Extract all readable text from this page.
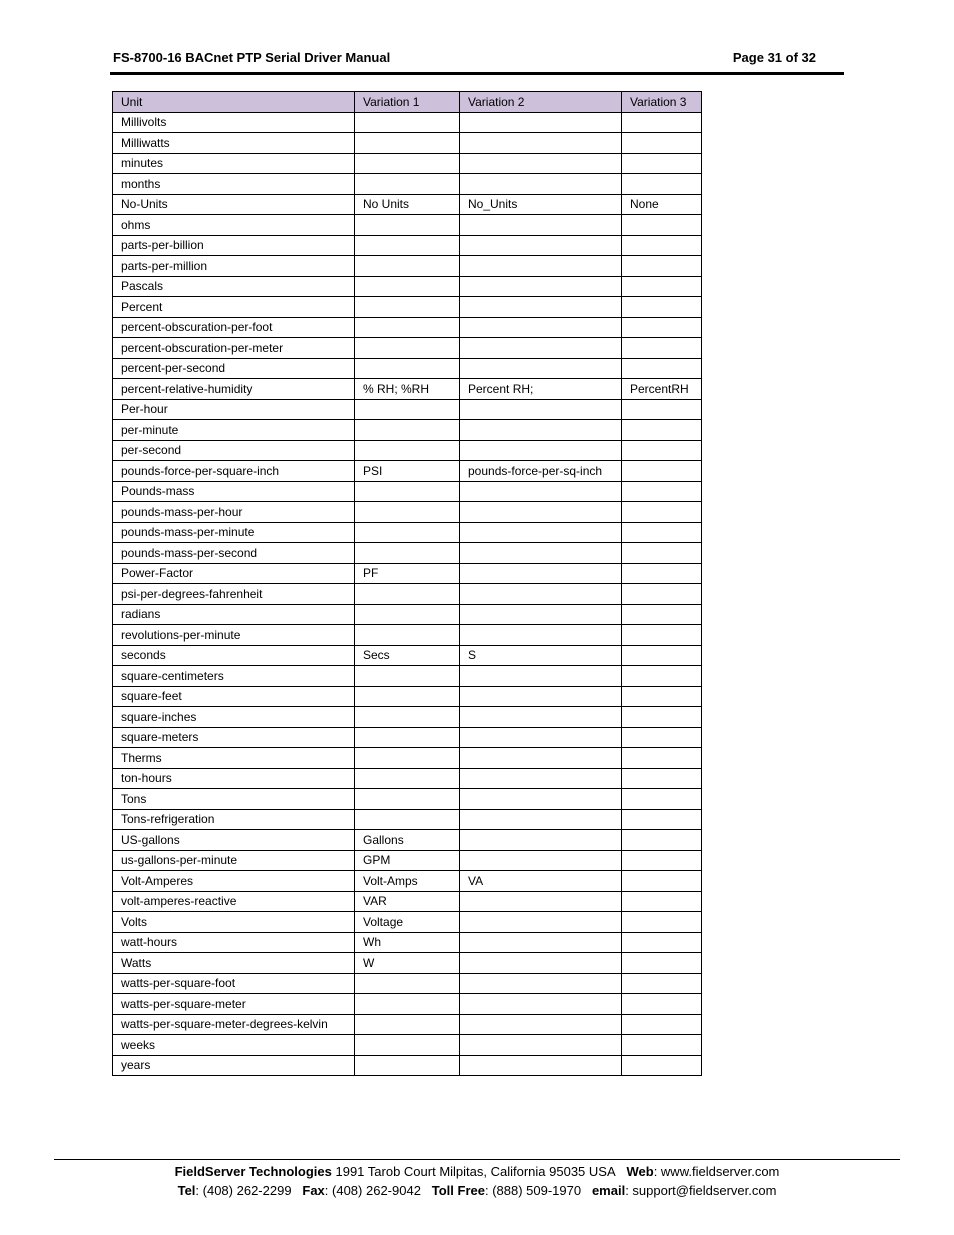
FS-8700-16 BACnet PTP Serial Driver Manual	Page 31 of 32
Unit	Variation 1	Variation 2	Variation 3
Millivolts			
Milliwatts			
minutes			
months			
No-Units	No Units	No_Units	None
ohms			
parts-per-billion			
parts-per-million			
Pascals			
Percent			
percent-obscuration-per-foot			
percent-obscuration-per-meter			
percent-per-second			
percent-relative-humidity	% RH; %RH	Percent RH;	PercentRH
Per-hour			
per-minute			
per-second			
pounds-force-per-square-inch	PSI	pounds-force-per-sq-inch	
Pounds-mass			
pounds-mass-per-hour			
pounds-mass-per-minute			
pounds-mass-per-second			
Power-Factor	PF		
psi-per-degrees-fahrenheit			
radians			
revolutions-per-minute			
seconds	Secs	S	
square-centimeters			
square-feet			
square-inches			
square-meters			
Therms			
ton-hours			
Tons			
Tons-refrigeration			
US-gallons	Gallons		
us-gallons-per-minute	GPM		
Volt-Amperes	Volt-Amps	VA	
volt-amperes-reactive	VAR		
Volts	Voltage		
watt-hours	Wh		
Watts	W		
watts-per-square-foot			
watts-per-square-meter			
watts-per-square-meter-degrees-kelvin			
weeks			
years			
FieldServer Technologies 1991 Tarob Court Milpitas, California 95035 USA Web: www.fieldserver.com
Tel: (408) 262-2299 Fax: (408) 262-9042 Toll Free: (888) 509-1970 email: support@fieldserver.com
